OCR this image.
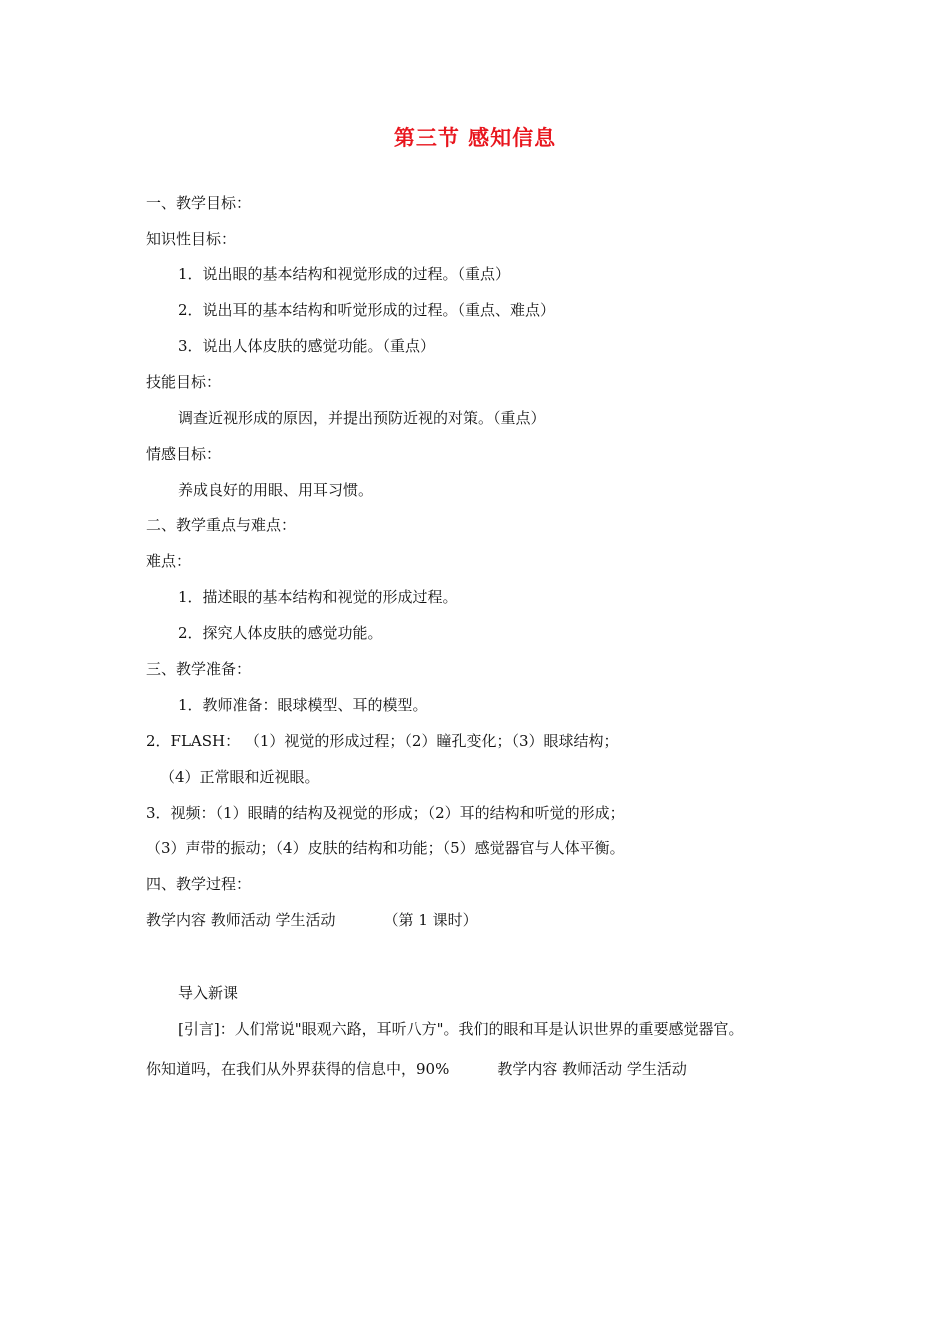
第三节 感知信息
一、教学目标：
知识性目标：
1．说出眼的基本结构和视觉形成的过程。（重点）
2．说出耳的基本结构和听觉形成的过程。（重点、难点）
3．说出人体皮肤的感觉功能。（重点）
技能目标：
调查近视形成的原因，并提出预防近视的对策。（重点）
情感目标：
养成良好的用眼、用耳习惯。
二、教学重点与难点：
难点：
1．描述眼的基本结构和视觉的形成过程。
2．探究人体皮肤的感觉功能。
三、教学准备：
1．教师准备：眼球模型、耳的模型。
2．FLASH： （1）视觉的形成过程；（2）瞳孔变化；（3）眼球结构；
（4）正常眼和近视眼。
3．视频：（1）眼睛的结构及视觉的形成；（2）耳的结构和听觉的形成；
（3）声带的振动；（4）皮肤的结构和功能；（5）感觉器官与人体平衡。
四、教学过程：
教学内容 教师活动 学生活动	（第 1 课时）
导入新课
[引言]：人们常说"眼观六路，耳听八方"。我们的眼和耳是认识世界的重要感觉器官。
你知道吗，在我们从外界获得的信息中，90%	教学内容 教师活动 学生活动
